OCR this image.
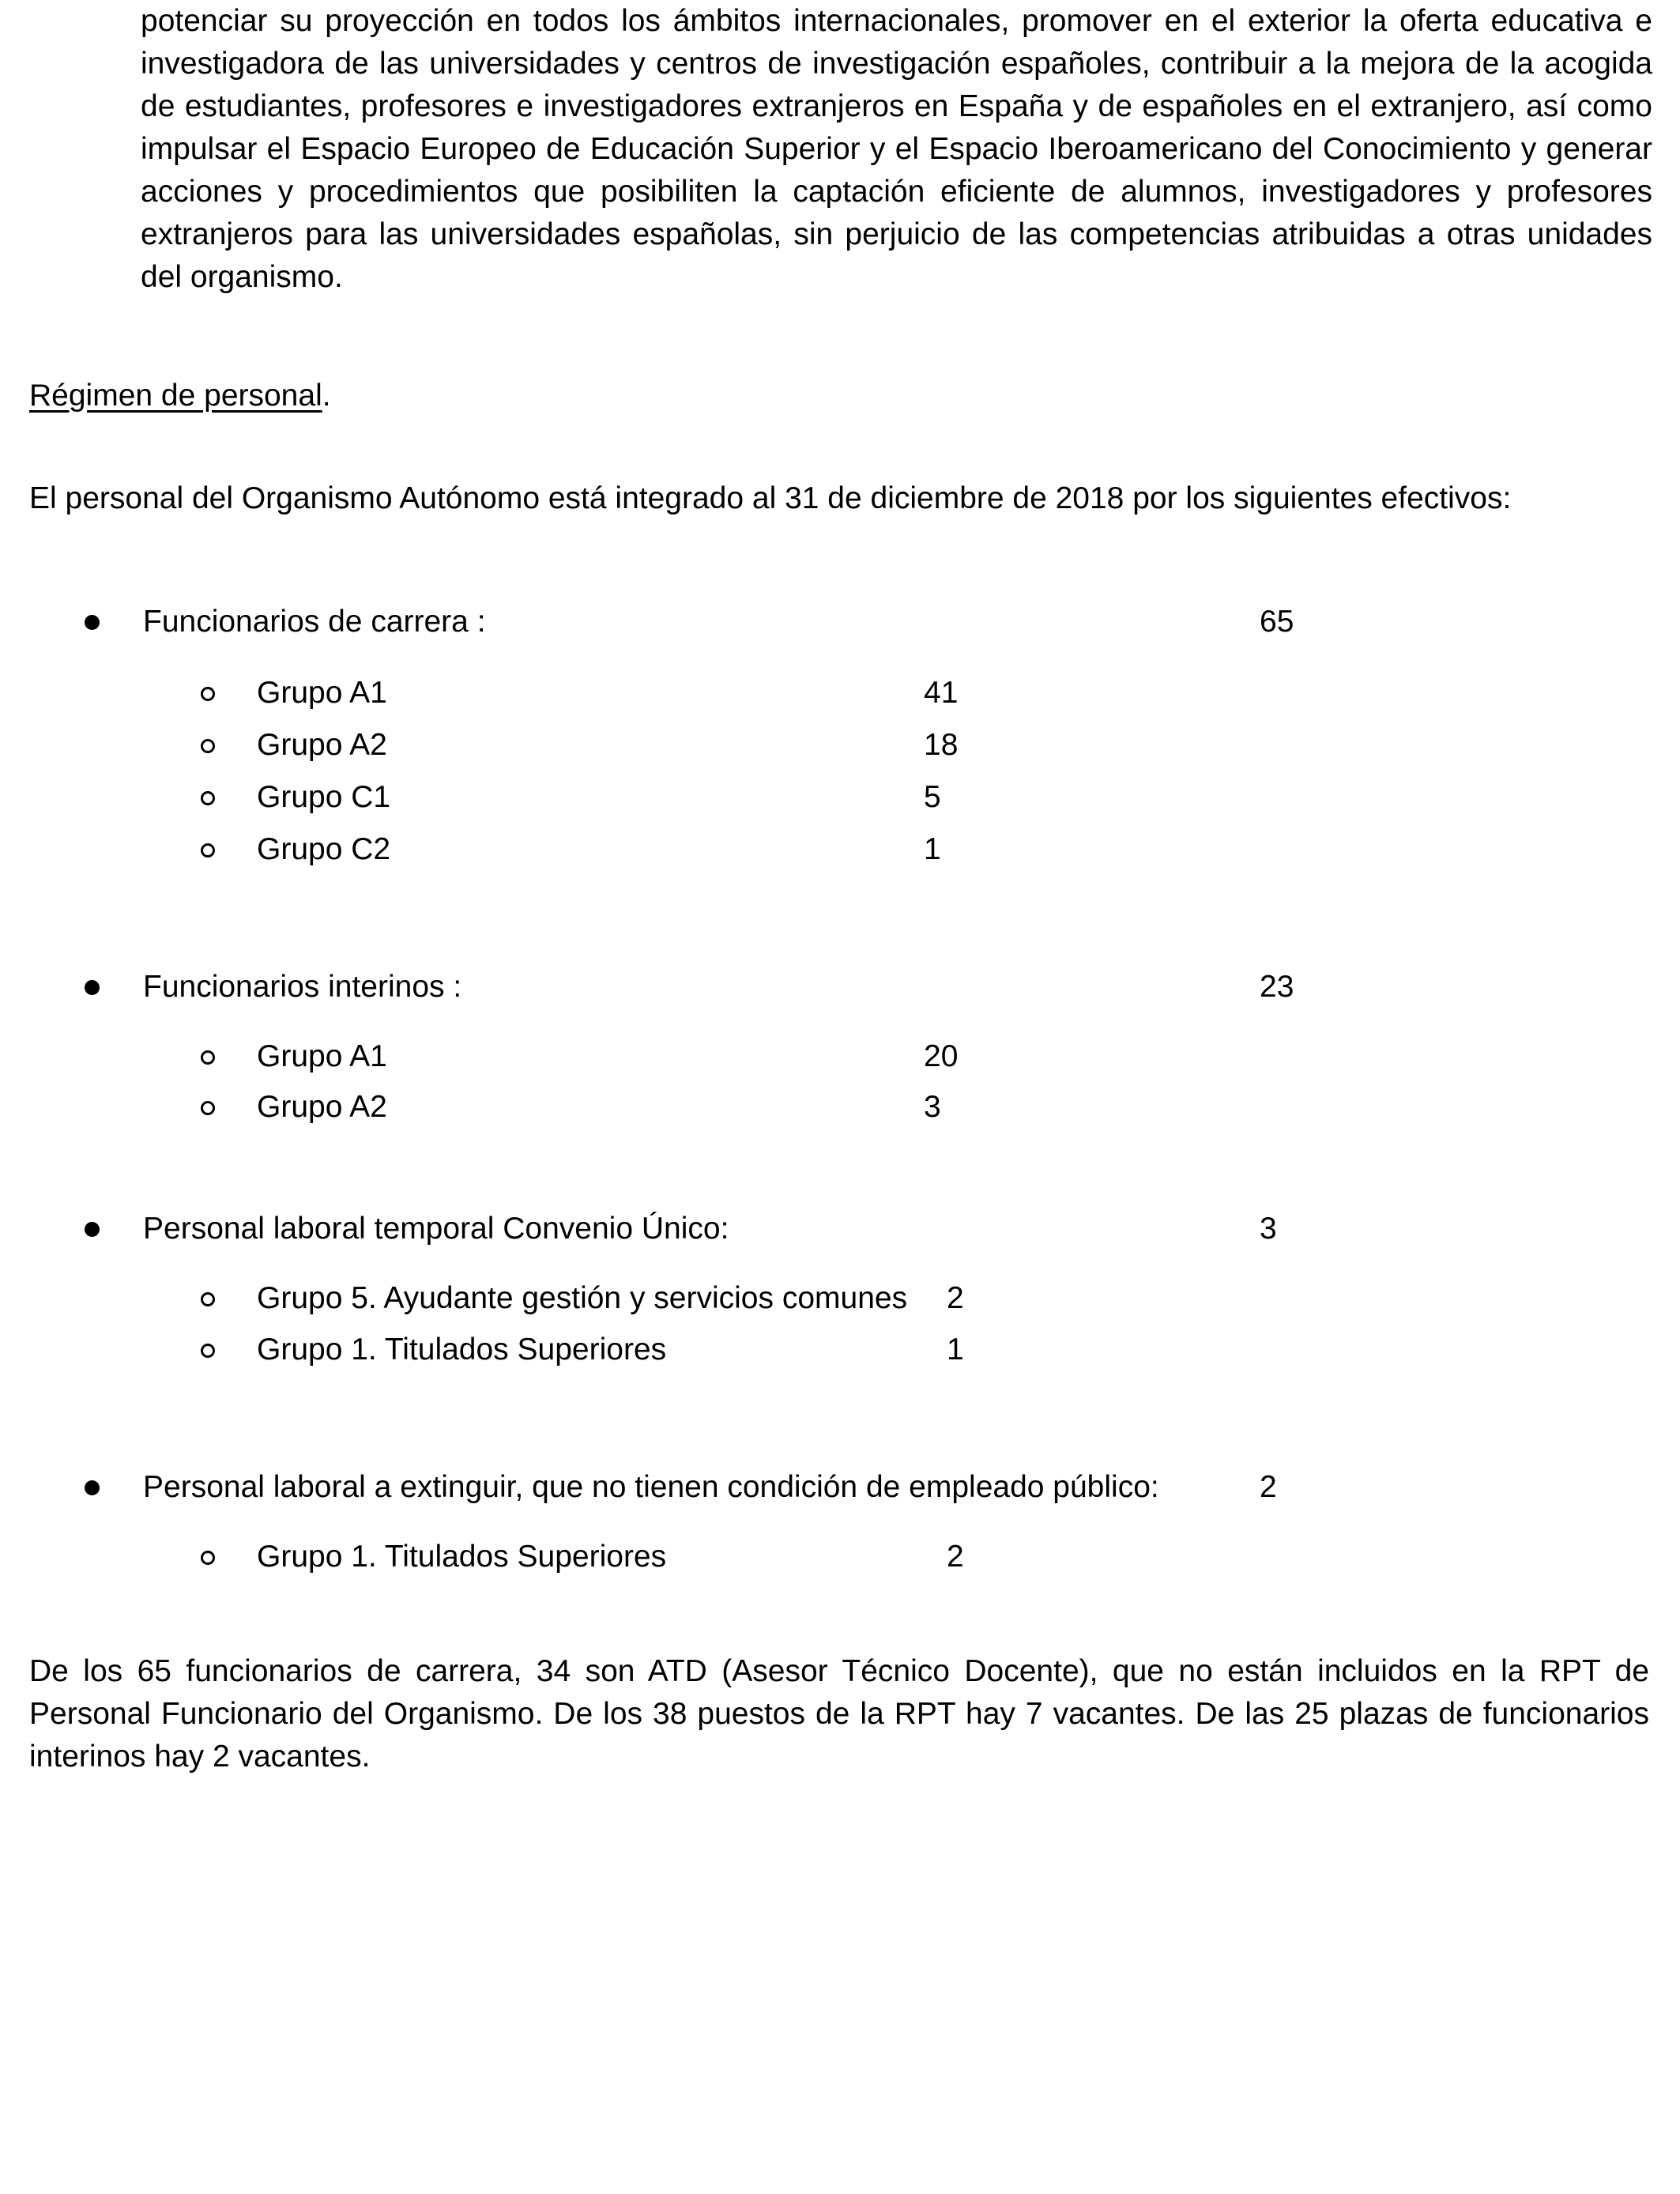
potenciar su proyección en todos los ámbitos internacionales, promover en el exterior la oferta educativa e investigadora de las universidades y centros de investigación españoles, contribuir a la mejora de la acogida de estudiantes, profesores e investigadores extranjeros en España y de españoles en el extranjero, así como impulsar el Espacio Europeo de Educación Superior y el Espacio Iberoamericano del Conocimiento y generar acciones y procedimientos que posibiliten la captación eficiente de alumnos, investigadores y profesores extranjeros para las universidades españolas, sin perjuicio de las competencias atribuidas a otras unidades del organismo.

Régimen de personal.

El personal del Organismo Autónomo está integrado al 31 de diciembre de 2018 por los siguientes efectivos:

Funcionarios de carrera :	65
Grupo A1	41
Grupo A2	18
Grupo C1	5
Grupo C2	1
Funcionarios interinos :	23
Grupo A1	20
Grupo A2	3
Personal laboral temporal Convenio Único:	3
Grupo 5. Ayudante gestión y servicios comunes 2
Grupo 1. Titulados Superiores	1
Personal laboral a extinguir, que no tienen condición de empleado público:	2
Grupo 1. Titulados Superiores	2

De los 65 funcionarios de carrera, 34 son ATD (Asesor Técnico Docente), que no están incluidos en la RPT de Personal Funcionario del Organismo. De los 38 puestos de la RPT hay 7 vacantes. De las 25 plazas de funcionarios interinos hay 2 vacantes.
